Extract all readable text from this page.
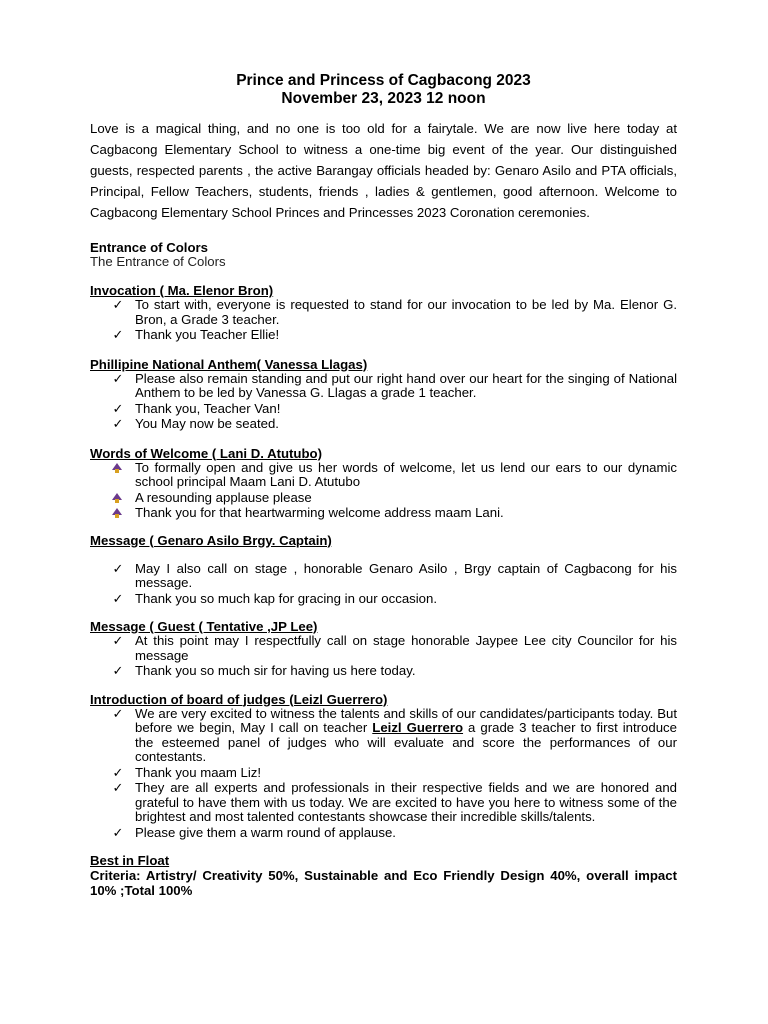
Prince and Princess of Cagbacong 2023

November 23, 2023 12 noon

Love is a magical thing, and no one is too old for a fairytale. We are now live here today at Cagbacong Elementary School to witness a one-time big event of the year. Our distinguished guests, respected parents , the active Barangay officials headed by: Genaro Asilo and PTA officials, Principal, Fellow Teachers, students, friends , ladies & gentlemen, good afternoon. Welcome to Cagbacong Elementary School Princes and Princesses 2023 Coronation ceremonies.

Entrance of Colors

The Entrance of Colors

Invocation ( Ma. Elenor Bron)

✓ To start with, everyone is requested to stand for our invocation to be led by Ma. Elenor G. Bron, a Grade 3 teacher.
✓ Thank you Teacher Ellie!

Phillipine National Anthem( Vanessa Llagas)

✓ Please also remain standing and put our right hand over our heart for the singing of National Anthem to be led by Vanessa G. Llagas a grade 1 teacher.
✓ Thank you, Teacher Van!
✓ You May now be seated.

Words of Welcome ( Lani D. Atutubo)

To formally open and give us her words of welcome, let us lend our ears to our dynamic school principal Maam Lani D. Atutubo
A resounding applause please
Thank you for that heartwarming welcome address maam Lani.

Message ( Genaro Asilo Brgy. Captain)

✓ May I also call on stage , honorable Genaro Asilo , Brgy captain of Cagbacong for his message.
✓ Thank you so much kap for gracing in our occasion.

Message ( Guest ( Tentative ,JP Lee)

✓ At this point may I respectfully call on stage honorable Jaypee Lee city Councilor for his message
✓ Thank you so much sir for having us here today.

Introduction of board of judges (Leizl Guerrero)

✓ We are very excited to witness the talents and skills of our candidates/participants today. But before we begin, May I call on teacher Leizl Guerrero a grade 3 teacher to first introduce the esteemed panel of judges who will evaluate and score the performances of our contestants.
✓ Thank you maam Liz!
✓ They are all experts and professionals in their respective fields and we are honored and grateful to have them with us today. We are excited to have you here to witness some of the brightest and most talented contestants showcase their incredible skills/talents.
✓ Please give them a warm round of applause.

Best in Float

Criteria: Artistry/ Creativity 50%, Sustainable and Eco Friendly Design 40%, overall impact 10% ;Total 100%
